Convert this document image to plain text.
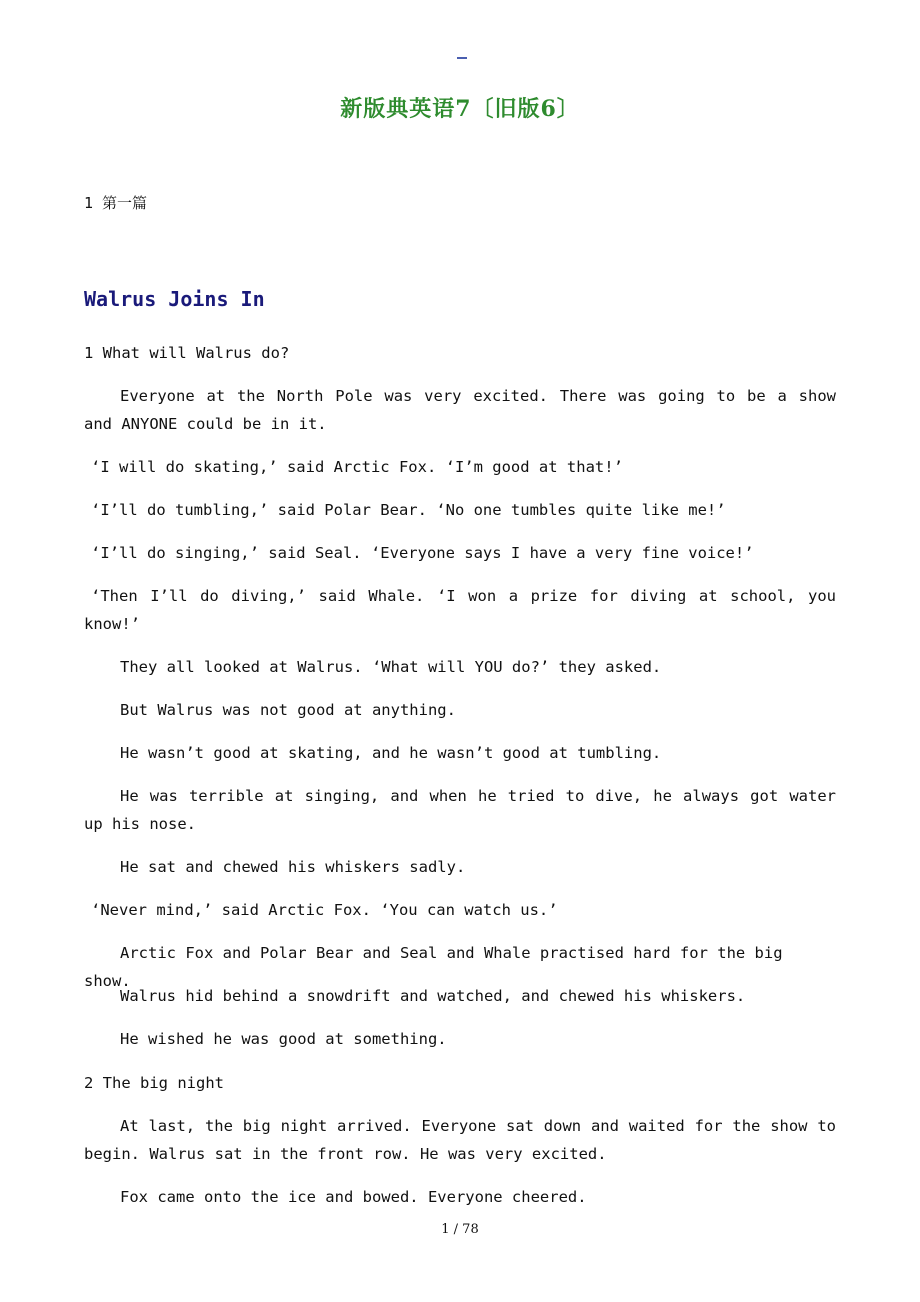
新版典英语7〔旧版6〕
1 第一篇
Walrus Joins In
1 What will Walrus do?
Everyone at the North Pole was very excited. There was going to be a show and ANYONE could be in it.
‘I will do skating,’ said Arctic Fox. ‘I’m good at that!’
‘I’ll do tumbling,’ said Polar Bear. ‘No one tumbles quite like me!’
‘I’ll do singing,’ said Seal. ‘Everyone says I have a very fine voice!’
‘Then I’ll do diving,’ said Whale. ‘I won a prize for diving at school, you know!’
They all looked at Walrus. ‘What will YOU do?’ they asked.
But Walrus was not good at anything.
He wasn’t good at skating, and he wasn’t good at tumbling.
He was terrible at singing, and when he tried to dive, he always got water up his nose.
He sat and chewed his whiskers sadly.
‘Never mind,’ said Arctic Fox. ‘You can watch us.’
Arctic Fox and Polar Bear and Seal and Whale practised hard for the big show.
Walrus hid behind a snowdrift and watched, and chewed his whiskers.
He wished he was good at something.
2 The big night
At last, the big night arrived. Everyone sat down and waited for the show to begin. Walrus sat in the front row. He was very excited.
Fox came onto the ice and bowed. Everyone cheered.
1 / 78
